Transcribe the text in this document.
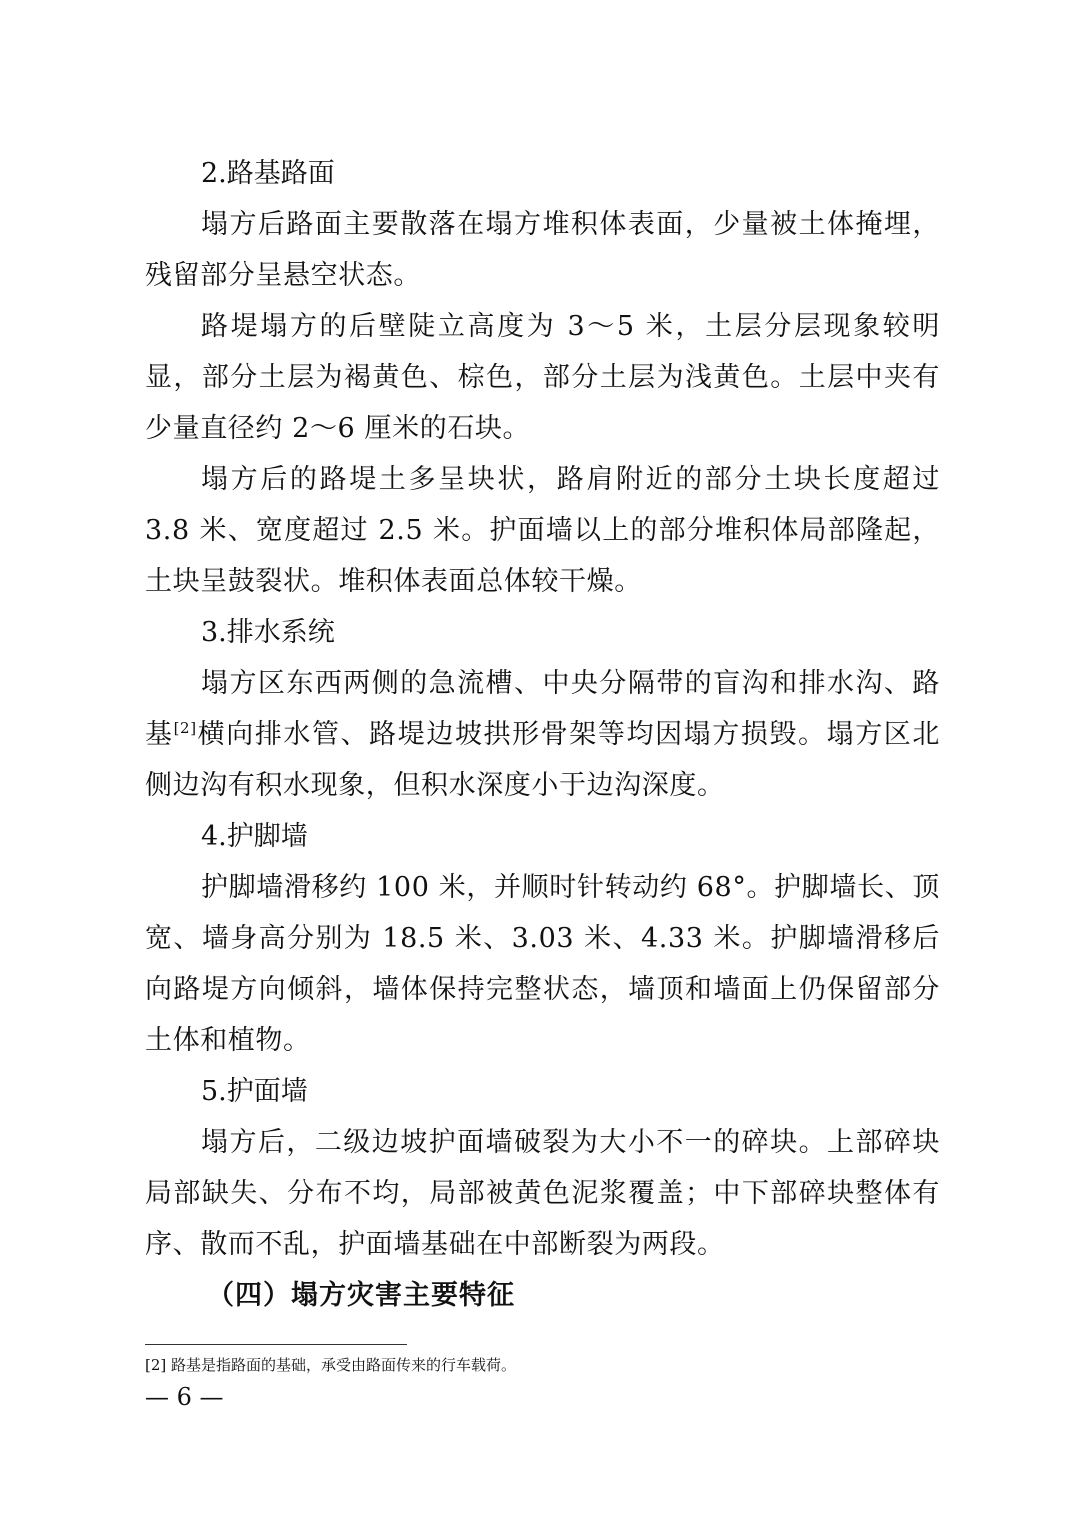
2.路基路面

塌方后路面主要散落在塌方堆积体表面，少量被土体掩埋，残留部分呈悬空状态。

路堤塌方的后壁陡立高度为 3～5 米，土层分层现象较明显，部分土层为褐黄色、棕色，部分土层为浅黄色。土层中夹有少量直径约 2～6 厘米的石块。

塌方后的路堤土多呈块状，路肩附近的部分土块长度超过 3.8 米、宽度超过 2.5 米。护面墙以上的部分堆积体局部隆起，土块呈鼓裂状。堆积体表面总体较干燥。

3.排水系统

塌方区东西两侧的急流槽、中央分隔带的盲沟和排水沟、路基[2]横向排水管、路堤边坡拱形骨架等均因塌方损毁。塌方区北侧边沟有积水现象，但积水深度小于边沟深度。

4.护脚墙

护脚墙滑移约 100 米，并顺时针转动约 68°。护脚墙长、顶宽、墙身高分别为 18.5 米、3.03 米、4.33 米。护脚墙滑移后向路堤方向倾斜，墙体保持完整状态，墙顶和墙面上仍保留部分土体和植物。

5.护面墙

塌方后，二级边坡护面墙破裂为大小不一的碎块。上部碎块局部缺失、分布不均，局部被黄色泥浆覆盖；中下部碎块整体有序、散而不乱，护面墙基础在中部断裂为两段。

（四）塌方灾害主要特征

[2] 路基是指路面的基础，承受由路面传来的行车载荷。
— 6 —
